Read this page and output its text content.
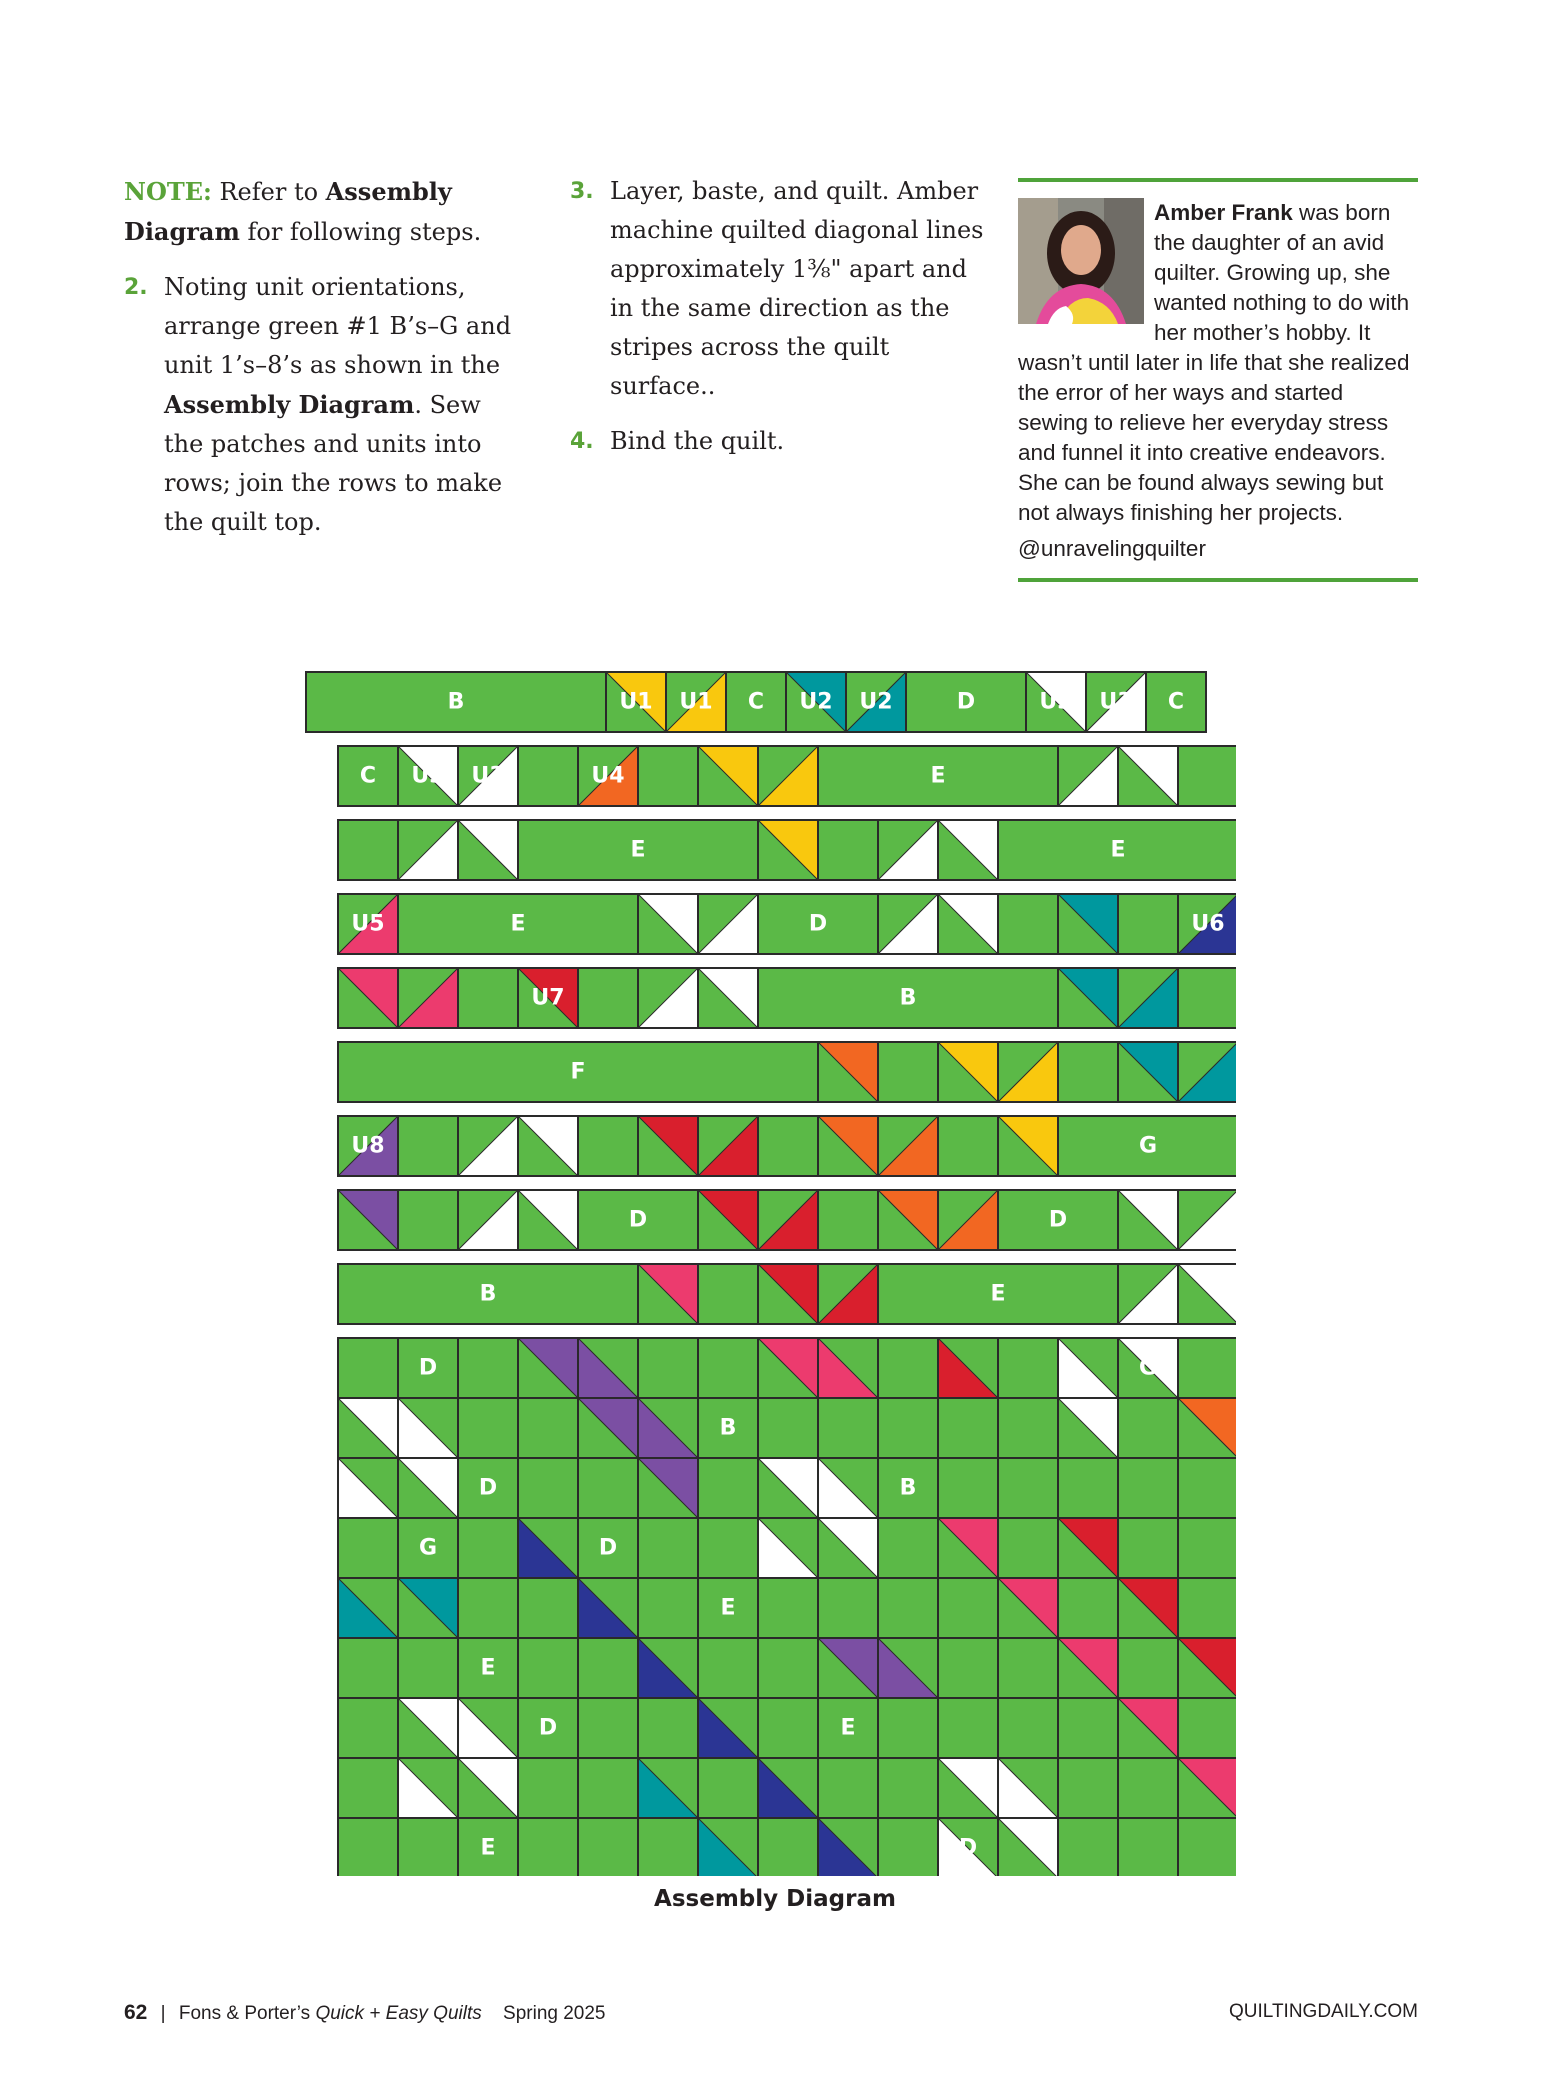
NOTE: Refer to Assembly Diagram for following steps.
2. Noting unit orientations, arrange green #1 B’s–G and unit 1’s–8’s as shown in the Assembly Diagram. Sew the patches and units into rows; join the rows to make the quilt top.
3. Layer, baste, and quilt. Amber machine quilted diagonal lines approximately 1⅜" apart and in the same direction as the stripes across the quilt surface..
4. Bind the quilt.
Amber Frank was born the daughter of an avid quilter. Growing up, she wanted nothing to do with her mother’s hobby. It wasn’t until later in life that she realized the error of her ways and started sewing to relieve her everyday stress and funnel it into creative endeavors. She can be found always sewing but not always finishing her projects.
@unravelingquilter
B	U1 U1 C U2 U2	D	U3 U3 C
C U3 U3	U4	E
E	E
U5	E	D	U6
U7	B
F
U8	G
D	D
B	E
D	G
B
D	B
G	D
E
E
D	E
E	D
Assembly Diagram
62 | Fons & Porter’s Quick + Easy Quilts Spring 2025	QUILTINGDAILY.COM
